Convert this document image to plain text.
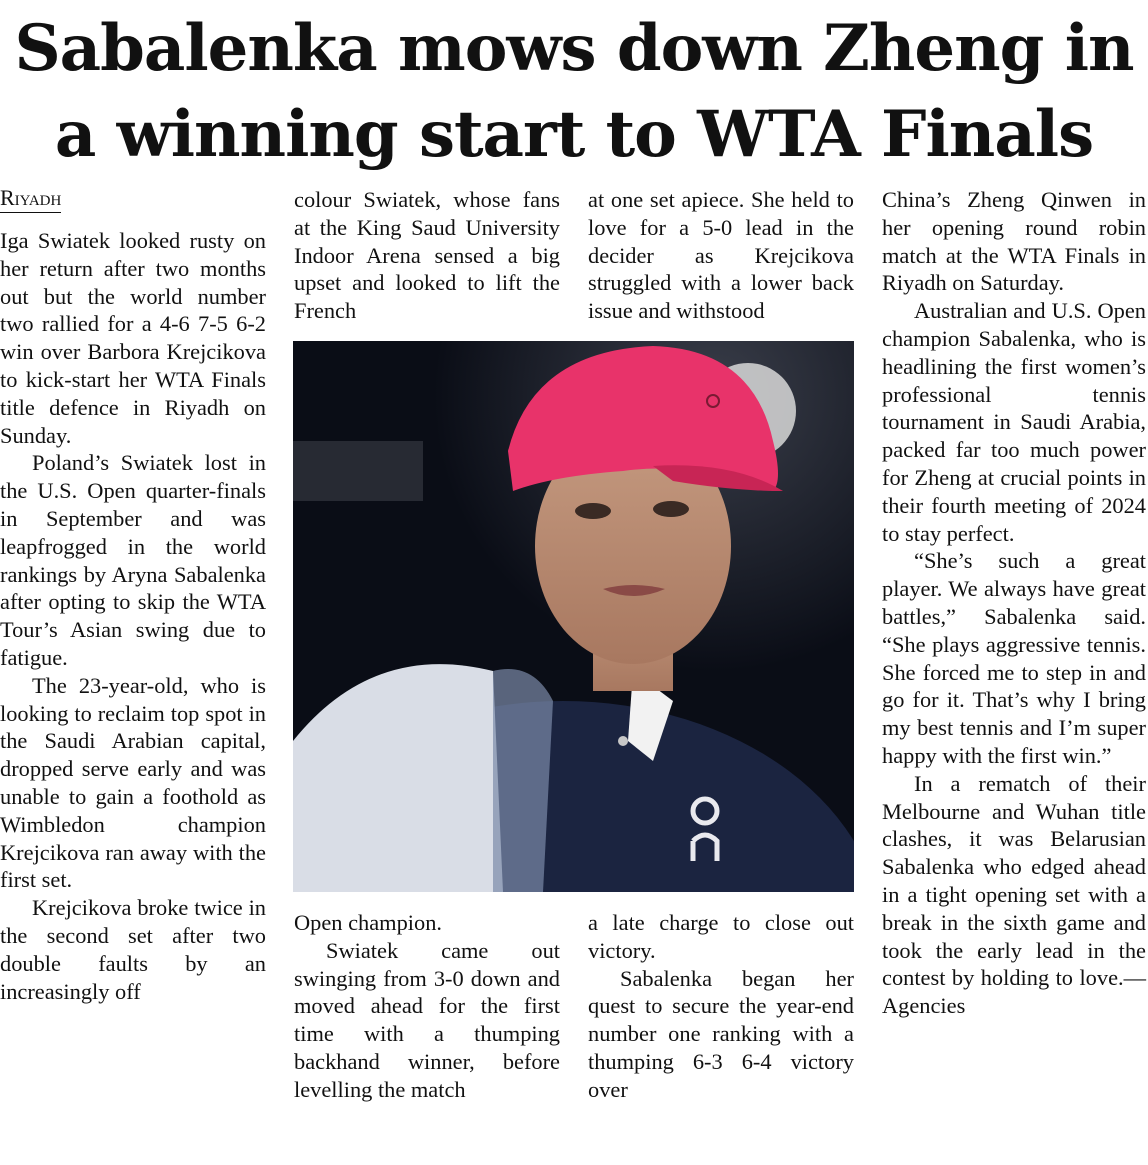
Sabalenka mows down Zheng in
a winning start to WTA Finals
Riyadh

Iga Swiatek looked rusty on her return after two months out but the world number two rallied for a 4-6 7-5 6-2 win over Barbora Krejcikova to kick-start her WTA Finals title defence in Riyadh on Sunday.

Poland’s Swiatek lost in the U.S. Open quarter-finals in September and was leapfrogged in the world rankings by Aryna Sabalenka after opting to skip the WTA Tour’s Asian swing due to fatigue.

The 23-year-old, who is looking to reclaim top spot in the Saudi Arabian capital, dropped serve early and was unable to gain a foothold as Wimbledon champion Krejcikova ran away with the first set.

Krejcikova broke twice in the second set after two double faults by an increasingly off

colour Swiatek, whose fans at the King Saud University Indoor Arena sensed a big upset and looked to lift the French

at one set apiece. She held to love for a 5-0 lead in the decider as Krejcikova struggled with a lower back issue and withstood

Open champion.

Swiatek came out swinging from 3-0 down and moved ahead for the first time with a thumping backhand winner, before levelling the match

a late charge to close out victory.

Sabalenka began her quest to secure the year-end number one ranking with a thumping 6-3 6-4 victory over

China’s Zheng Qinwen in her opening round robin match at the WTA Finals in Riyadh on Saturday.

Australian and U.S. Open champion Sabalenka, who is headlining the first women’s professional tennis tournament in Saudi Arabia, packed far too much power for Zheng at crucial points in their fourth meeting of 2024 to stay perfect.

“She’s such a great player. We always have great battles,” Sabalenka said. “She plays aggressive tennis. She forced me to step in and go for it. That’s why I bring my best tennis and I’m super happy with the first win.”

In a rematch of their Melbourne and Wuhan title clashes, it was Belarusian Sabalenka who edged ahead in a tight opening set with a break in the sixth game and took the early lead in the contest by holding to love.—Agencies
